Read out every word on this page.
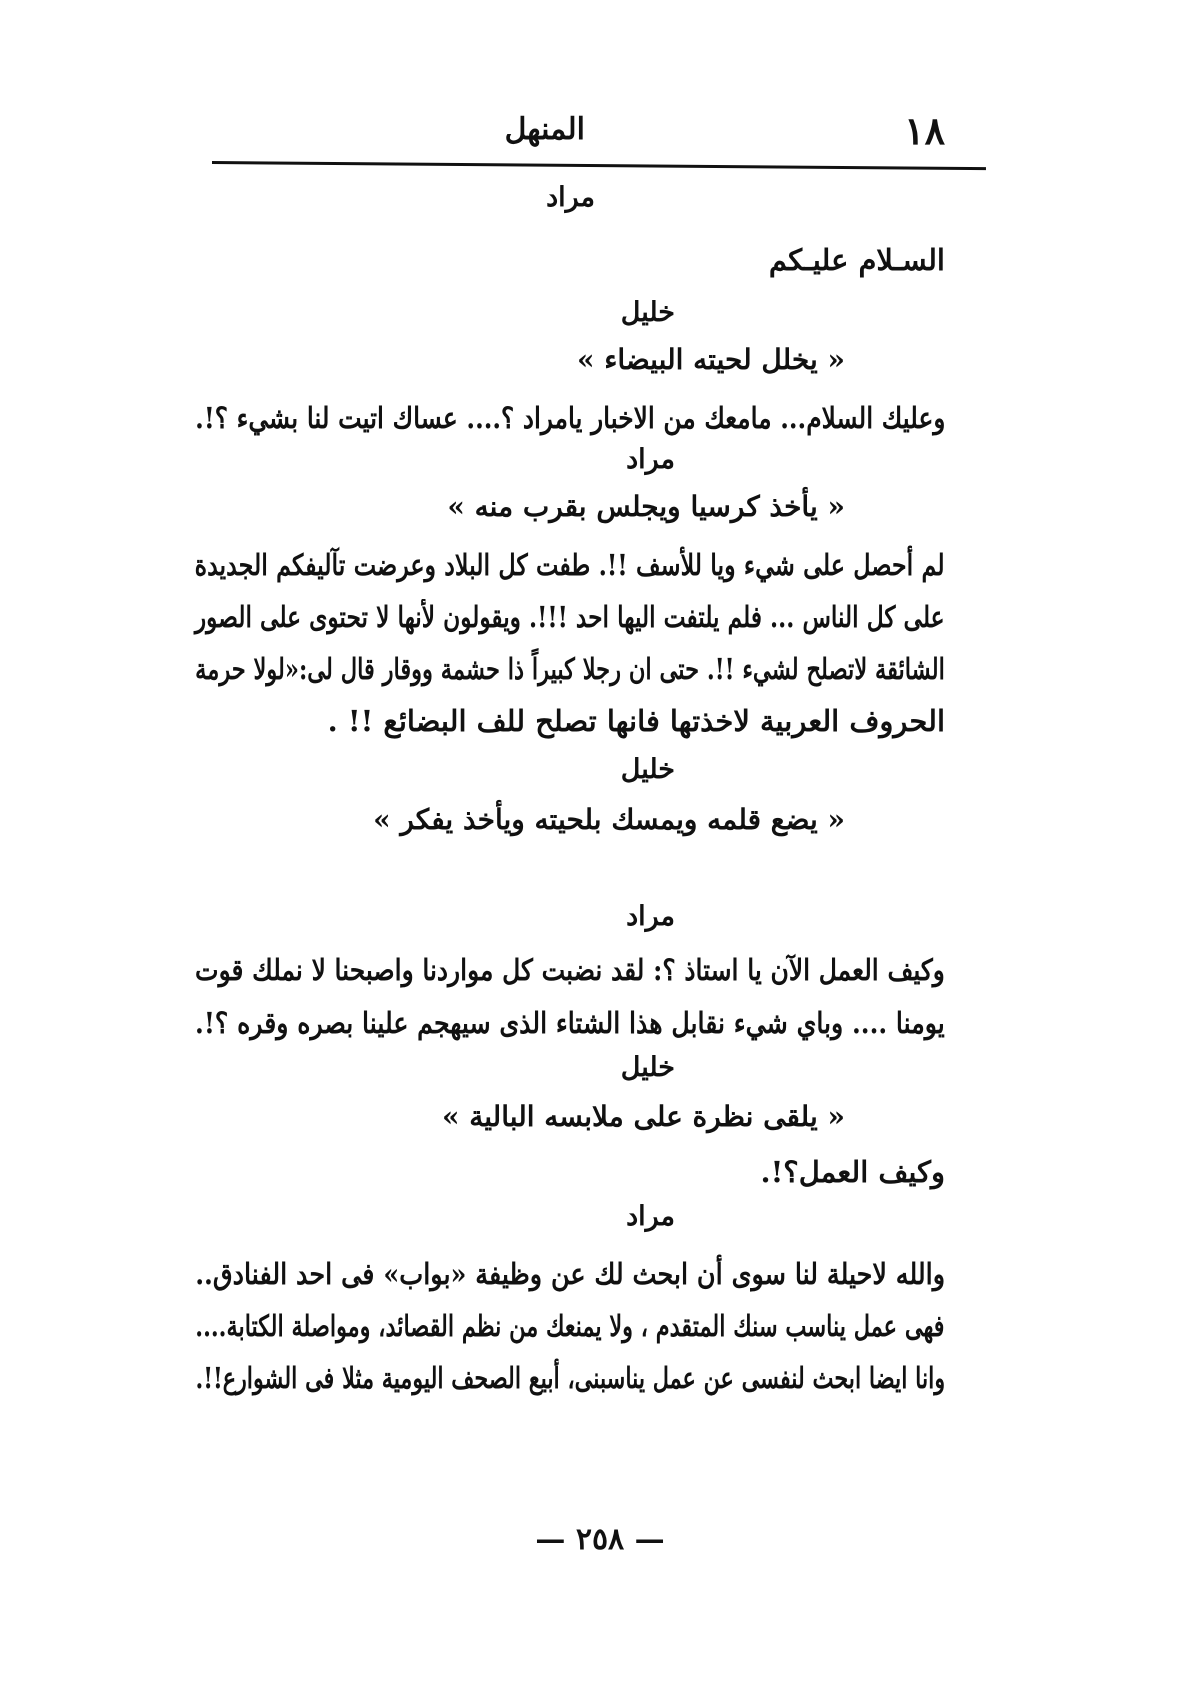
١٨
المنهل
مراد
السـلام عليـكم
خليل
« يخلل لحيته البيضاء »
وعليك السلام... مامعك من الاخبار يامراد ؟.... عساك اتيت لنا بشيء ؟!.
مراد
« يأخذ كرسيا ويجلس بقرب منه »
لم أحصل على شيء ويا للأسف !!. طفت كل البلاد وعرضت تآليفكم الجديدة
على كل الناس ... فلم يلتفت اليها احد !!!. ويقولون لأنها لا تحتوى على الصور
الشائقة لاتصلح لشيء !!. حتى ان رجلا كبيراً ذا حشمة ووقار قال لى:«لولا حرمة
الحروف العربية لاخذتها فانها تصلح للف البضائع !! .
خليل
« يضع قلمه ويمسك بلحيته ويأخذ يفكر »
مراد
وكيف العمل الآن يا استاذ ؟: لقد نضبت كل مواردنا واصبحنا لا نملك قوت
يومنا .... وباي شيء نقابل هذا الشتاء الذى سيهجم علينا بصره وقره ؟!.
خليل
« يلقى نظرة على ملابسه البالية »
وكيف العمل؟!.
مراد
والله لاحيلة لنا سوى أن ابحث لك عن وظيفة «بواب» فى احد الفنادق..
فهى عمل يناسب سنك المتقدم ، ولا يمنعك من نظم القصائد، ومواصلة الكتابة....
وانا ايضا ابحث لنفسى عن عمل يناسبنى، أبيع الصحف اليومية مثلا فى الشوارع!!.
— ٢٥٨ —
